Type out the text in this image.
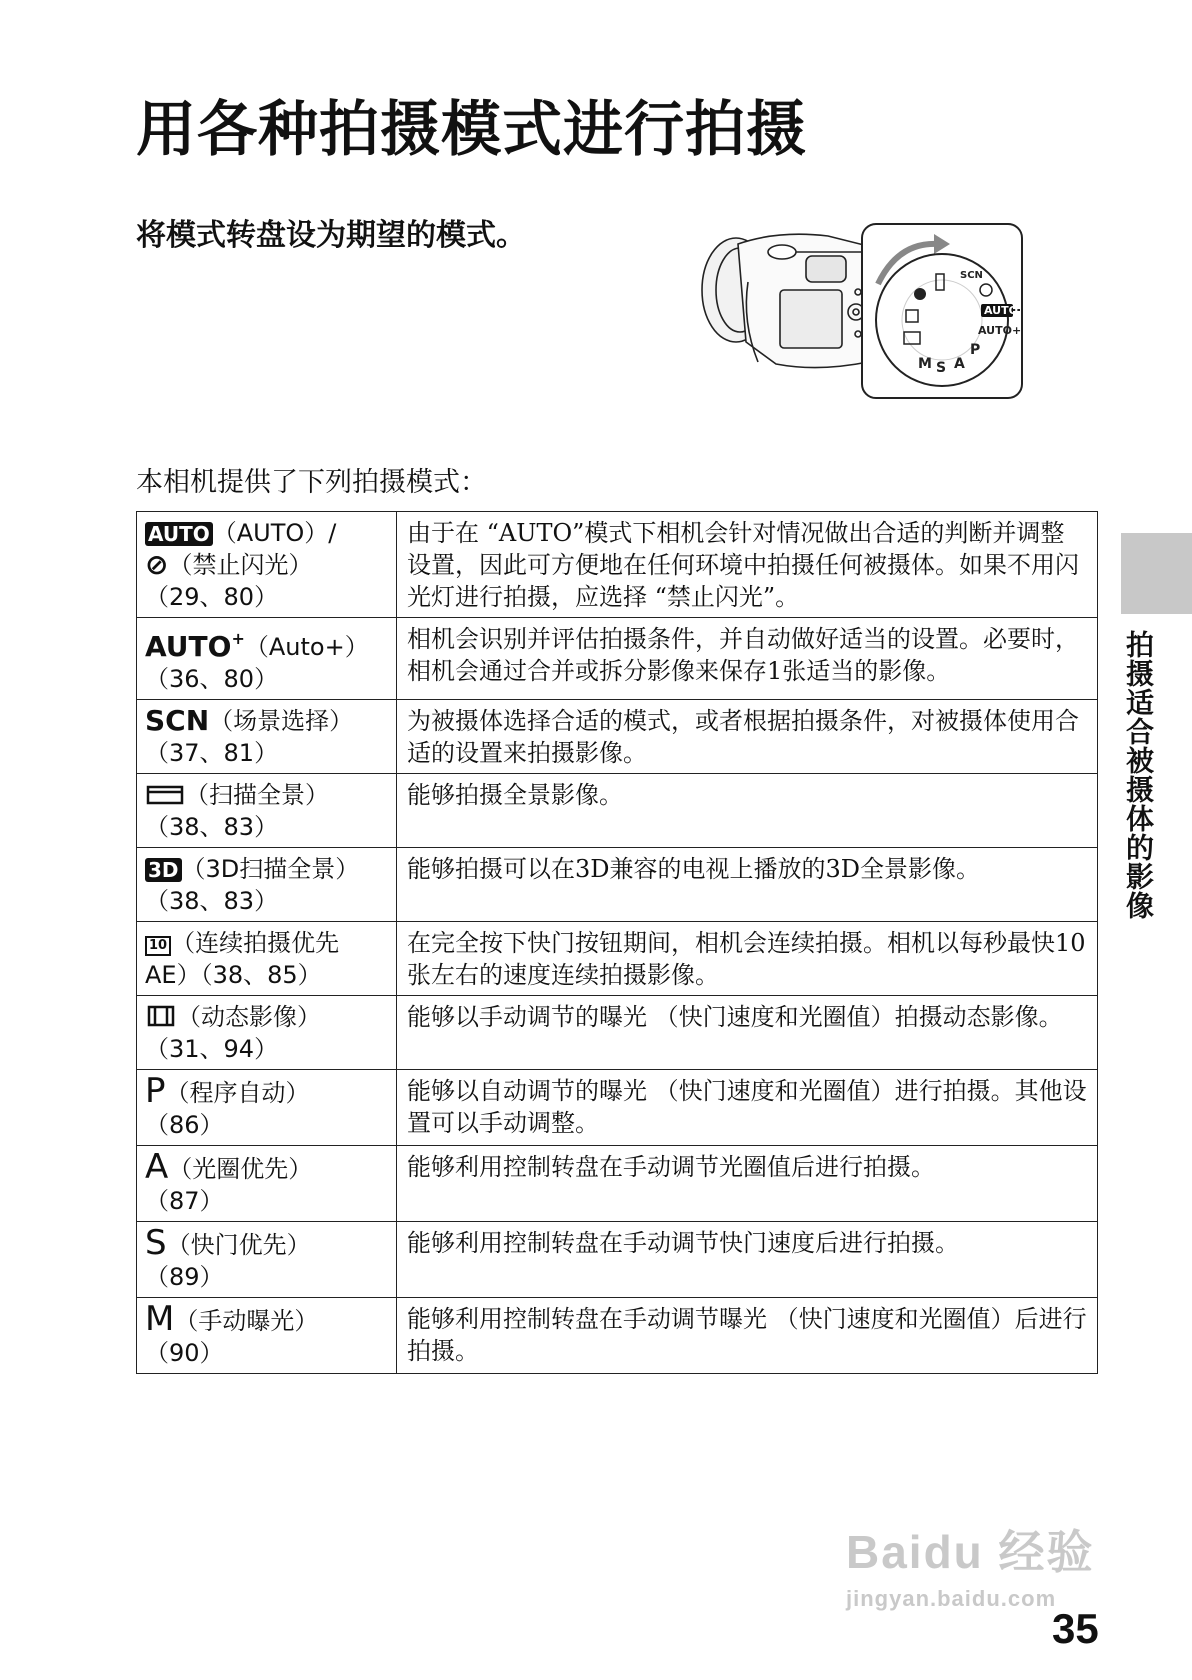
用各种拍摄模式进行拍摄
将模式转盘设为期望的模式。
AUTO
AUTO+
P
A
S
M
SCN
本相机提供了下列拍摄模式：
AUTO （AUTO）/
⊘（禁止闪光）
（29、80）	由于在 “AUTO”模式下相机会针对情况做出合适的判断并调整设置，因此可方便地在任何环境中拍摄任何被摄体。如果不用闪光灯进行拍摄，应选择 “禁止闪光”。
AUTO+（Auto+）
（36、80）	相机会识别并评估拍摄条件，并自动做好适当的设置。必要时，相机会通过合并或拆分影像来保存1张适当的影像。
SCN（场景选择）
（37、81）	为被摄体选择合适的模式，或者根据拍摄条件，对被摄体使用合适的设置来拍摄影像。
（扫描全景）
（38、83）	能够拍摄全景影像。
3D （3D扫描全景）
（38、83）	能够拍摄可以在3D兼容的电视上播放的3D全景影像。
10 （连续拍摄优先
AE）（38、85）	在完全按下快门按钮期间，相机会连续拍摄。相机以每秒最快10张左右的速度连续拍摄影像。
（动态影像）
（31、94）	能够以手动调节的曝光 （快门速度和光圈值）拍摄动态影像。
P（程序自动）
（86）	能够以自动调节的曝光 （快门速度和光圈值）进行拍摄。其他设置可以手动调整。
A（光圈优先）
（87）	能够利用控制转盘在手动调节光圈值后进行拍摄。
S（快门优先）
（89）	能够利用控制转盘在手动调节快门速度后进行拍摄。
M（手动曝光）
（90）	能够利用控制转盘在手动调节曝光 （快门速度和光圈值）后进行拍摄。
拍摄适合被摄体的影像
Baidu 经验
jingyan.baidu.com
35
